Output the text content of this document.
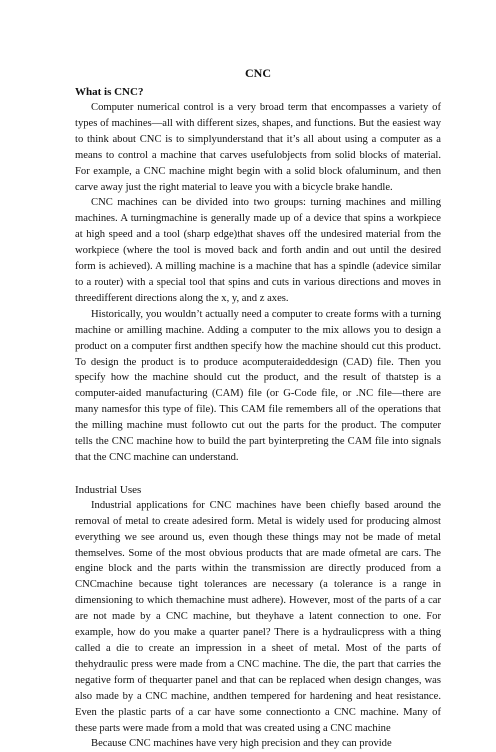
CNC
What is CNC?

Computer numerical control is a very broad term that encompasses a variety of types of machines—all with different sizes, shapes, and functions. But the easiest way to think about CNC is to simplyunderstand that it’s all about using a computer as a means to control a machine that carves usefulobjects from solid blocks of material. For example, a CNC machine might begin with a solid block ofaluminum, and then carve away just the right material to leave you with a bicycle brake handle.

CNC machines can be divided into two groups: turning machines and milling machines. A turningmachine is generally made up of a device that spins a workpiece at high speed and a tool (sharp edge)that shaves off the undesired material from the workpiece (where the tool is moved back and forth andin and out until the desired form is achieved). A milling machine is a machine that has a spindle (adevice similar to a router) with a special tool that spins and cuts in various directions and moves in threedifferent directions along the x, y, and z axes.

Historically, you wouldn’t actually need a computer to create forms with a turning machine or amilling machine. Adding a computer to the mix allows you to design a product on a computer first andthen specify how the machine should cut this product. To design the product is to produce acomputeraideddesign (CAD) file. Then you specify how the machine should cut the product, and the result of thatstep is a computer-aided manufacturing (CAM) file (or G-Code file, or .NC file—there are many namesfor this type of file). This CAM file remembers all of the operations that the milling machine must followto cut out the parts for the product. The computer tells the CNC machine how to build the part byinterpreting the CAM file into signals that the CNC machine can understand.

Industrial Uses

Industrial applications for CNC machines have been chiefly based around the removal of metal to create adesired form. Metal is widely used for producing almost everything we see around us, even though these things may not be made of metal themselves. Some of the most obvious products that are made ofmetal are cars. The engine block and the parts within the transmission are directly produced from a CNCmachine because tight tolerances are necessary (a tolerance is a range in dimensioning to which themachine must adhere). However, most of the parts of a car are not made by a CNC machine, but theyhave a latent connection to one. For example, how do you make a quarter panel? There is a hydraulicpress with a thing called a die to create an impression in a sheet of metal. Most of the parts of thehydraulic press were made from a CNC machine. The die, the part that carries the negative form of thequarter panel and that can be replaced when design changes, was also made by a CNC machine, andthen tempered for hardening and heat resistance. Even the plastic parts of a car have some connectionto a CNC machine. Many of these parts were made from a mold that was created using a CNC machine

Because CNC machines have very high precision and they can provide
